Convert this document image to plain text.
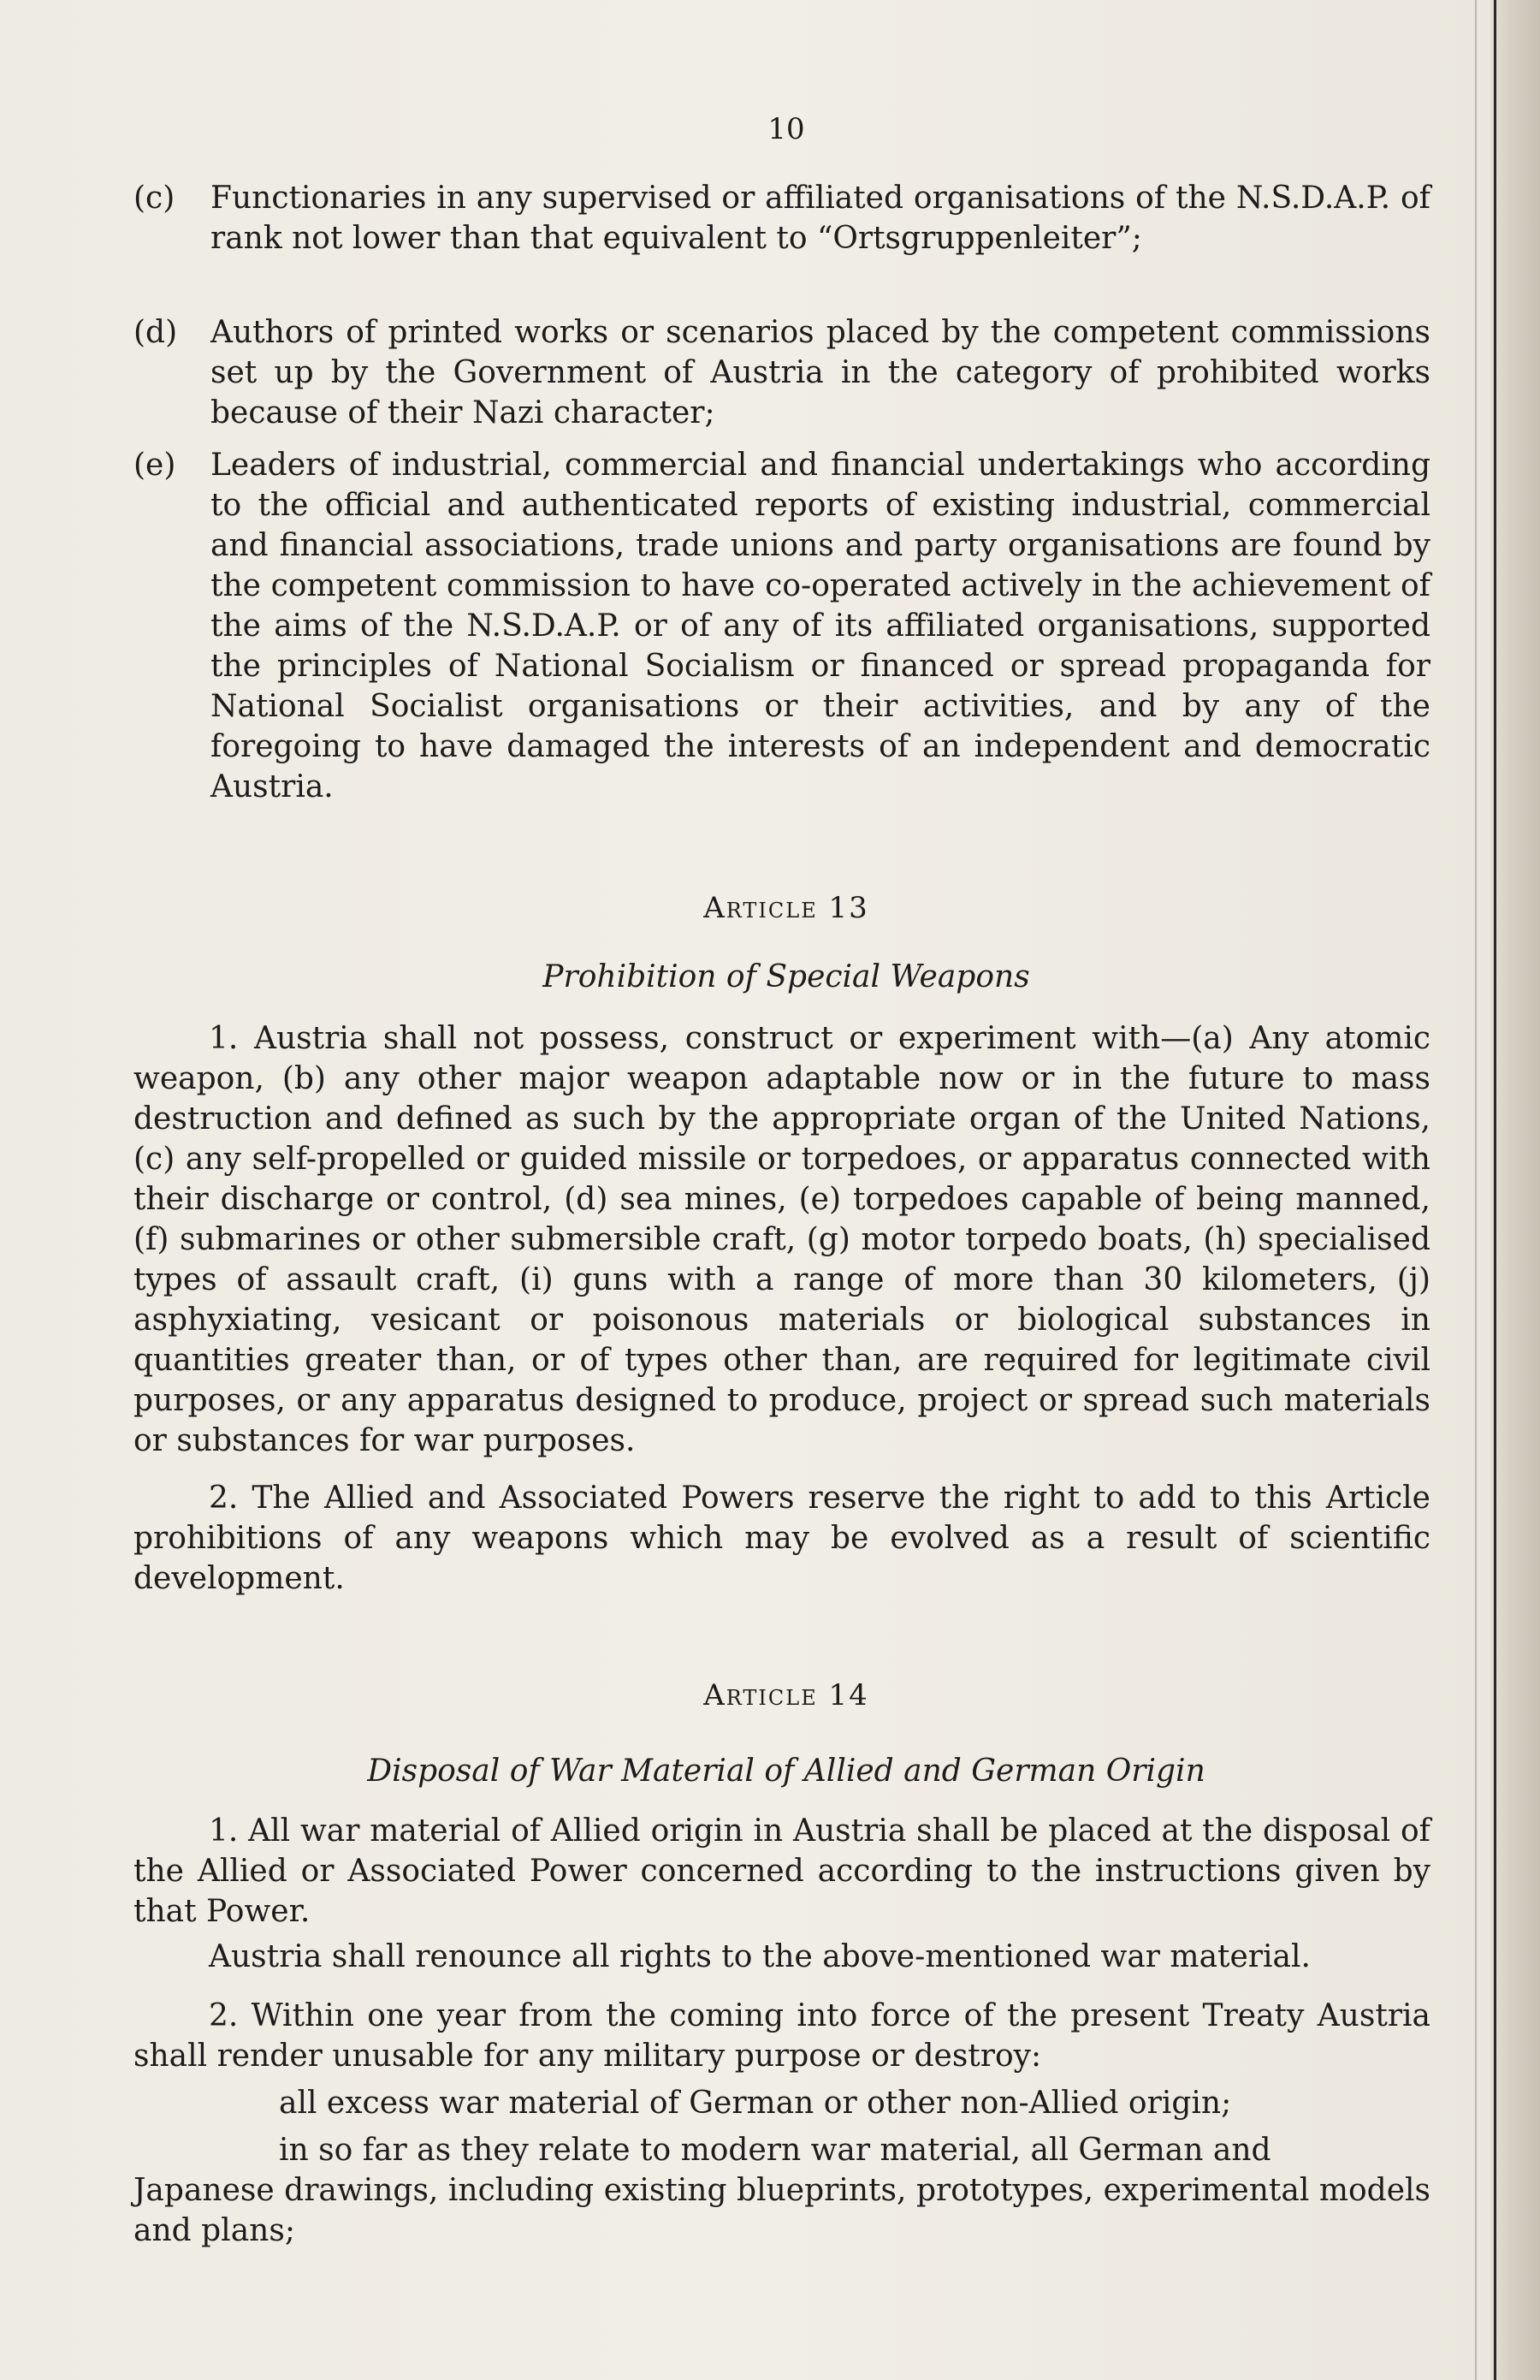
10

(c) Functionaries in any supervised or affiliated organisations of the N.S.D.A.P. of rank not lower than that equivalent to “Ortsgruppenleiter”;

(d) Authors of printed works or scenarios placed by the competent commissions set up by the Government of Austria in the category of prohibited works because of their Nazi character;

(e) Leaders of industrial, commercial and financial undertakings who according to the official and authenticated reports of existing industrial, commercial and financial associations, trade unions and party organisations are found by the competent commission to have co-operated actively in the achievement of the aims of the N.S.D.A.P. or of any of its affiliated organisations, supported the principles of National Socialism or financed or spread propaganda for National Socialist organisations or their activities, and by any of the foregoing to have damaged the interests of an independent and democratic Austria.

Article 13
Prohibition of Special Weapons

1. Austria shall not possess, construct or experiment with—(a) Any atomic weapon, (b) any other major weapon adaptable now or in the future to mass destruction and defined as such by the appropriate organ of the United Nations, (c) any self-propelled or guided missile or torpedoes, or apparatus connected with their discharge or control, (d) sea mines, (e) torpedoes capable of being manned, (f) submarines or other submersible craft, (g) motor torpedo boats, (h) specialised types of assault craft, (i) guns with a range of more than 30 kilometers, (j) asphyxiating, vesicant or poisonous materials or biological substances in quantities greater than, or of types other than, are required for legitimate civil purposes, or any apparatus designed to produce, project or spread such materials or substances for war purposes.

2. The Allied and Associated Powers reserve the right to add to this Article prohibitions of any weapons which may be evolved as a result of scientific development.

Article 14
Disposal of War Material of Allied and German Origin

1. All war material of Allied origin in Austria shall be placed at the disposal of the Allied or Associated Power concerned according to the instructions given by that Power.

Austria shall renounce all rights to the above-mentioned war material.

2. Within one year from the coming into force of the present Treaty Austria shall render unusable for any military purpose or destroy:

all excess war material of German or other non-Allied origin;

in so far as they relate to modern war material, all German and

Japanese drawings, including existing blueprints, prototypes, experimental models and plans;
